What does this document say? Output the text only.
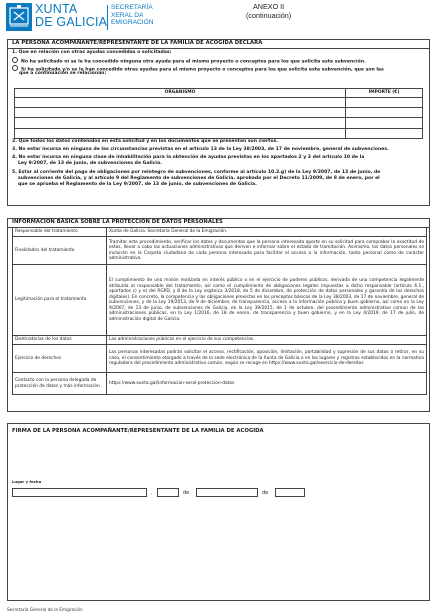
XUNTA
DE GALICIA
SECRETARÍA
XERAL DA
EMIGRACIÓN
ANEXO II
(continuación)
LA PERSONA ACOMPAÑANTE/REPRESENTANTE DE LA FAMILIA DE ACOGIDA DECLARA
1. Que en relación con otras ayudas concedidas o solicitadas:
No ha solicitado ni se le ha concedido ninguna otra ayuda para el mismo proyecto o conceptos para los que solicita esta subvención.
Sí ha solicitado y/o se le han concedido otras ayudas para el mismo proyecto o conceptos para los que solicita esta subvención, que son las
que a continuación se relacionan:
ORGANISMO	IMPORTE (€)

2. Que todos los datos contenidos en esta solicitud y en los documentos que se presentan son ciertos.
3. No estar incursa en ninguna de las circunstancias previstas en el artículo 13 de la Ley 38/2003, de 17 de noviembre, general de subvenciones.
4. No estar incursa en ninguna clase de inhabilitación para la obtención de ayudas previstas en los apartados 2 y 3 del artículo 10 de la
Ley 9/2007, de 13 de junio, de subvenciones de Galicia.
5. Estar al corriente del pago de obligaciones por reintegro de subvenciones, conforme al artículo 10.2.g) de la Ley 9/2007, de 13 de junio, de
subvenciones de Galicia, y al artículo 9 del Reglamento de subvenciones de Galicia, aprobado por el Decreto 11/2009, de 8 de enero, por el
que se aprueba el Reglamento de la Ley 9/2007, de 13 de junio, de subvenciones de Galicia.
INFORMACIÓN BÁSICA SOBRE LA PROTECCIÓN DE DATOS PERSONALES
Responsable del tratamiento	Xunta de Galicia. Secretaría General de la Emigración.
Finalidades del tratamiento	Tramitar este procedimiento, verificar los datos y documentos que la persona interesada aporte en su solicitud para comprobar la exactitud de estos, llevar a cabo las actuaciones administrativas que deriven e informar sobre el estado de tramitación. Asimismo, los datos personales se incluirán en la Carpeta ciudadana de cada persona interesada para facilitar el acceso a la información, tanto personal como de carácter administrativo.
Legitimación para el tratamiento	El cumplimiento de una misión realizada en interés público o en el ejercicio de poderes públicos, derivada de una competencia legalmente atribuida al responsable del tratamiento, así como el cumplimiento de obligaciones legales impuestas a dicho responsable (artículo 6.1., apartados c) y e) del RGPD, y 8 de la Ley orgánica 3/2018, de 5 de diciembre, de protección de datos personales y garantía de los derechos digitales). En concreto, la competencia y las obligaciones previstas en los preceptos básicos de la Ley 38/2003, de 17 de noviembre, general de subvenciones, y de la Ley 19/2013, de 9 de diciembre, de transparencia, acceso a la información pública y buen gobierno, así como en la Ley 9/2007, de 13 de junio, de subvenciones de Galicia, en la Ley 39/2015, de 1 de octubre, del procedimiento administrativo común de las administraciones públicas, en la Ley 1/2016, de 18 de enero, de transparencia y buen gobierno, y en la Ley 4/2019, de 17 de julio, de administración digital de Galicia.
Destinatarias de los datos	Las administraciones públicas en el ejercicio de sus competencias.
Ejercicio de derechos	Las personas interesadas podrán solicitar el acceso, rectificación, oposición, limitación, portabilidad y supresión de sus datos o retirar, en su caso, el consentimiento otorgado a través de la sede electrónica de la Xunta de Galicia o en los lugares y registros establecidos en la normativa reguladora del procedimiento administrativo común, según se recoge en https://www.xunta.gal/exercicio-de-dereitos
Contacto con la persona delegada de protección de datos y más información	https://www.xunta.gal/informacion-xeral-proteccion-datos
FIRMA DE LA PERSONA ACOMPAÑANTE/REPRESENTANTE DE LA FAMILIA DE ACOGIDA
Lugar y fecha
,	de	de
Secretaría General de la Emigración
